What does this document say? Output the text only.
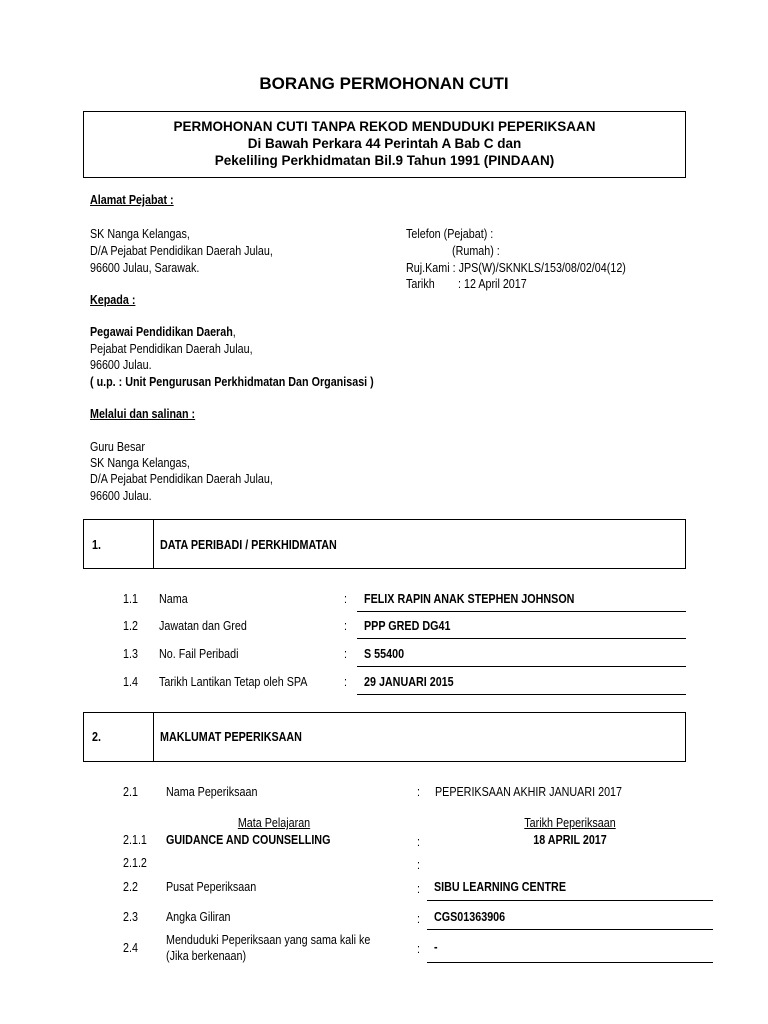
BORANG PERMOHONAN CUTI
PERMOHONAN CUTI TANPA REKOD MENDUDUKI PEPERIKSAAN
Di Bawah Perkara 44 Perintah A Bab C dan
Pekeliling Perkhidmatan Bil.9 Tahun 1991 (PINDAAN)
Alamat Pejabat :
SK Nanga Kelangas,
D/A Pejabat Pendidikan Daerah Julau,
96600 Julau, Sarawak.
Telefon (Pejabat) :
(Rumah) :
Ruj.Kami : JPS(W)/SKNKLS/153/08/02/04(12)
Tarikh : 12 April 2017
Kepada :
Pegawai Pendidikan Daerah,
Pejabat Pendidikan Daerah Julau,
96600 Julau.
( u.p. : Unit Pengurusan Perkhidmatan Dan Organisasi )
Melalui dan salinan :
Guru Besar
SK Nanga Kelangas,
D/A Pejabat Pendidikan Daerah Julau,
96600 Julau.
1.	DATA PERIBADI / PERKHIDMATAN
1.1 Nama	: FELIX RAPIN ANAK STEPHEN JOHNSON
1.2 Jawatan dan Gred	: PPP GRED DG41
1.3 No. Fail Peribadi	: S 55400
1.4 Tarikh Lantikan Tetap oleh SPA	: 29 JANUARI 2015
2.	MAKLUMAT PEPERIKSAAN
2.1 Nama Peperiksaan	: PEPERIKSAAN AKHIR JANUARI 2017
Mata Pelajaran	Tarikh Peperiksaan
2.1.1 GUIDANCE AND COUNSELLING	:	18 APRIL 2017
2.1.2	:
2.2 Pusat Peperiksaan	: SIBU LEARNING CENTRE
2.3 Angka Giliran	: CGS01363906
2.4
Menduduki Peperiksaan yang sama kali ke
(Jika berkenaan)	: -
